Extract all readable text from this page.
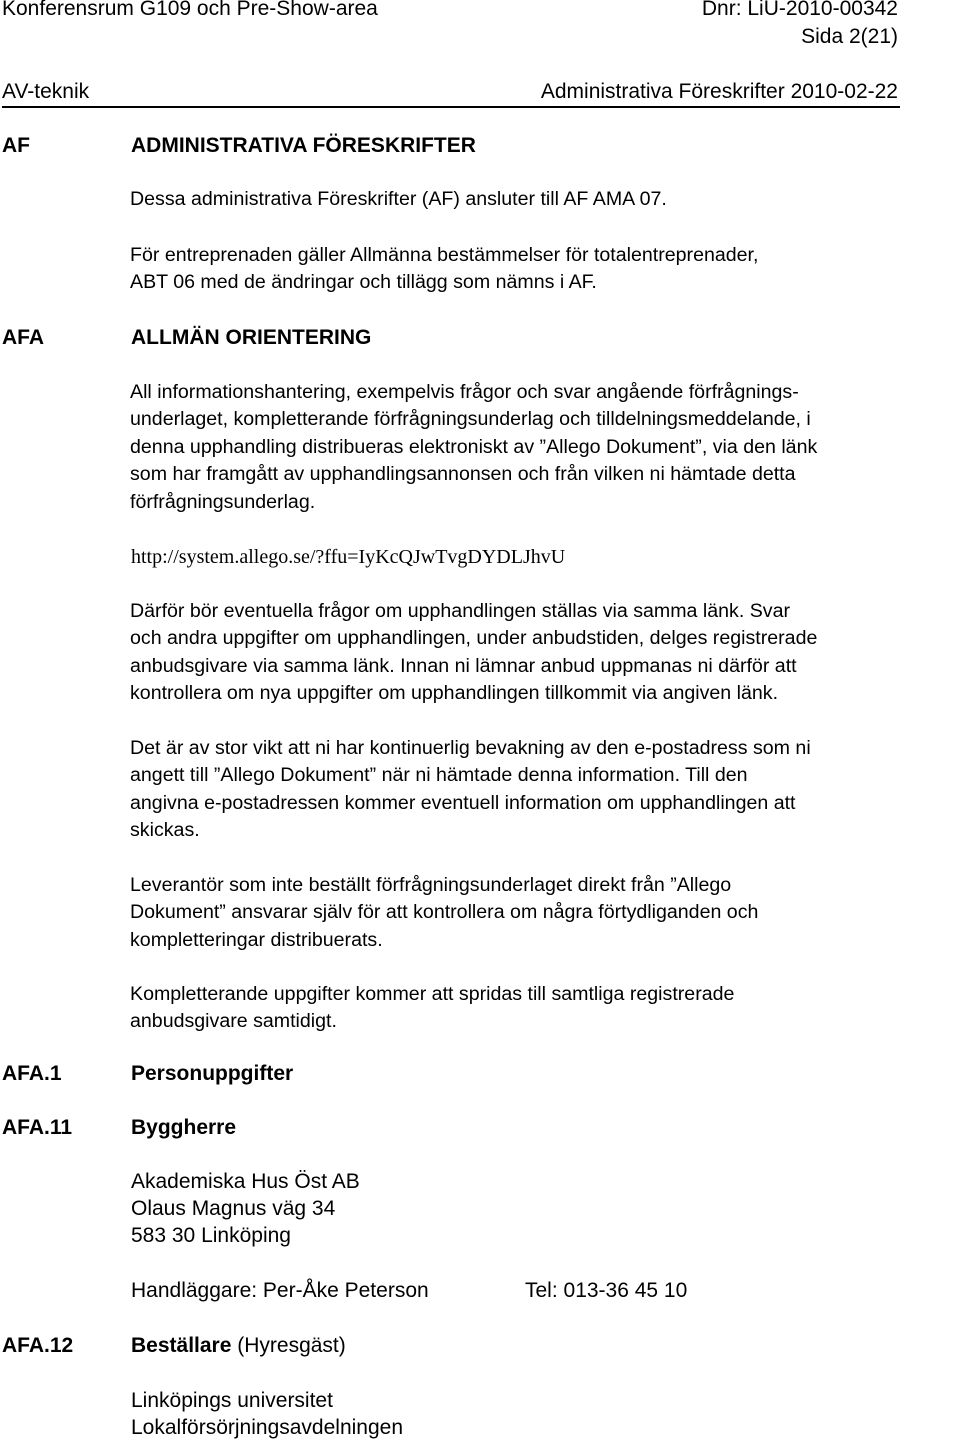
Konferensrum G109 och Pre-Show-area	Dnr: LiU-2010-00342
Sida 2(21)
AV-teknik	Administrativa Föreskrifter 2010-02-22
AF	ADMINISTRATIVA FÖRESKRIFTER

Dessa administrativa Föreskrifter (AF) ansluter till AF AMA 07.

För entreprenaden gäller Allmänna bestämmelser för totalentreprenader,

ABT 06 med de ändringar och tillägg som nämns i AF.

AFA	ALLMÄN ORIENTERING

All informationshantering, exempelvis frågor och svar angående förfrågnings-

underlaget, kompletterande förfrågningsunderlag och tilldelningsmeddelande, i

denna upphandling distribueras elektroniskt av ”Allego Dokument”, via den länk

som har framgått av upphandlingsannonsen och från vilken ni hämtade detta

förfrågningsunderlag.

http://system.allego.se/?ffu=IyKcQJwTvgDYDLJhvU

Därför bör eventuella frågor om upphandlingen ställas via samma länk. Svar

och andra uppgifter om upphandlingen, under anbudstiden, delges registrerade

anbudsgivare via samma länk. Innan ni lämnar anbud uppmanas ni därför att

kontrollera om nya uppgifter om upphandlingen tillkommit via angiven länk.

Det är av stor vikt att ni har kontinuerlig bevakning av den e-postadress som ni

angett till ”Allego Dokument” när ni hämtade denna information. Till den

angivna e-postadressen kommer eventuell information om upphandlingen att

skickas.

Leverantör som inte beställt förfrågningsunderlaget direkt från ”Allego

Dokument” ansvarar själv för att kontrollera om några förtydliganden och

kompletteringar distribuerats.

Kompletterande uppgifter kommer att spridas till samtliga registrerade

anbudsgivare samtidigt.

AFA.1	Personuppgifter
AFA.11	Byggherre
Akademiska Hus Öst AB
Olaus Magnus väg 34
583 30 Linköping
Handläggare: Per-Åke Peterson	Tel: 013-36 45 10
AFA.12	Beställare (Hyresgäst)
Linköpings universitet
Lokalförsörjningsavdelningen
